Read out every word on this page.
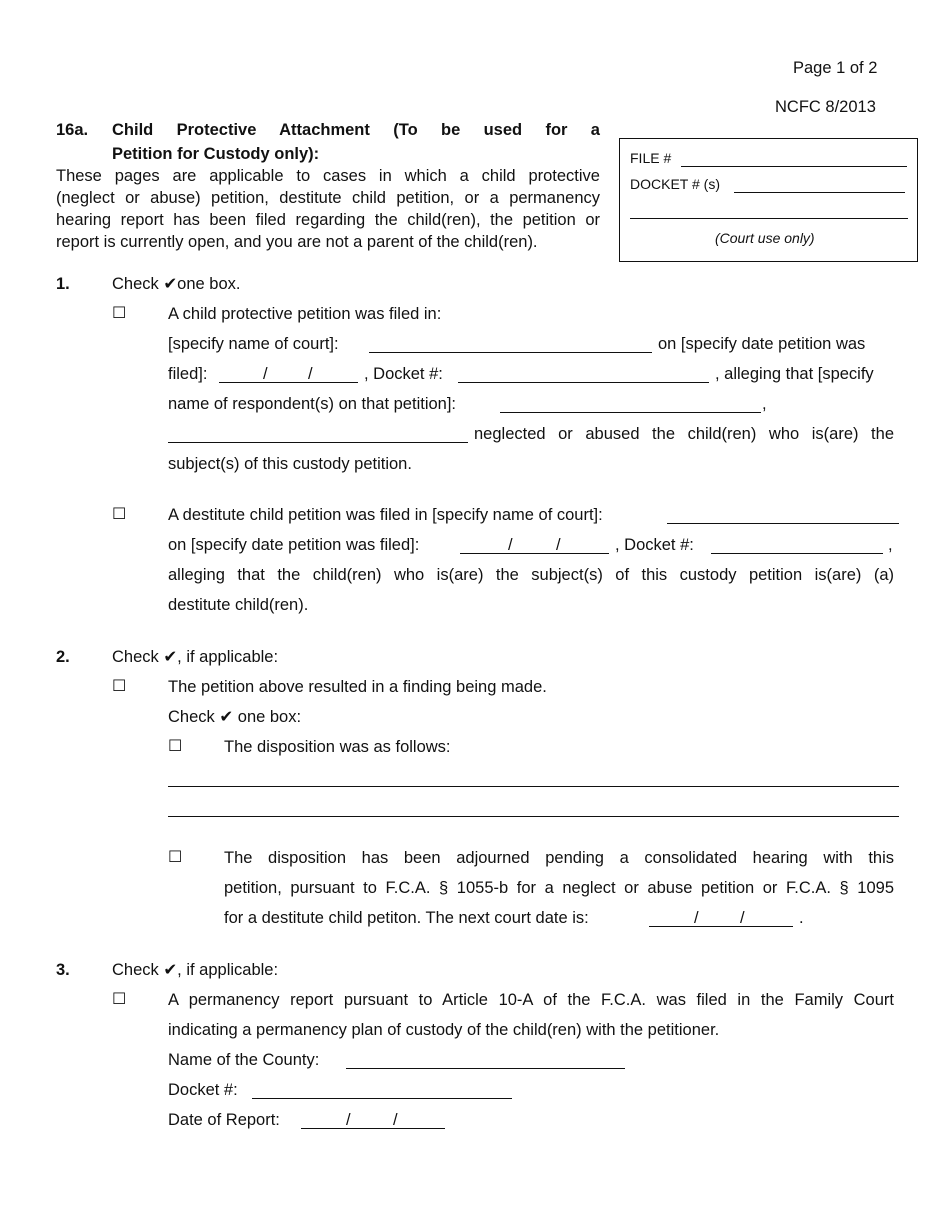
Page 1 of 2
NCFC 8/2013
16a. Child Protective Attachment (To be used for a
Petition for Custody only):
These pages are applicable to cases in which a child protective
(neglect or abuse) petition, destitute child petition, or a permanency
hearing report has been filed regarding the child(ren), the petition or
report is currently open, and you are not a parent of the child(ren).
FILE #
DOCKET # (s)
(Court use only)
1.	Check ✔one box.
☐	A child protective petition was filed in:
[specify name of court]:	on [specify date petition was
filed]:	/ /	, Docket #:	, alleging that [specify
name of respondent(s) on that petition]:	,
neglected or abused the child(ren) who is(are) the
subject(s) of this custody petition.
☐	A destitute child petition was filed in [specify name of court]:
on [specify date petition was filed]:	/	/	, Docket #:	,
alleging that the child(ren) who is(are) the subject(s) of this custody petition is(are) (a)
destitute child(ren).
2.	Check ✔, if applicable:
☐	The petition above resulted in a finding being made.
Check ✔ one box:
☐	The disposition was as follows:
☐	The disposition has been adjourned pending a consolidated hearing with this
petition, pursuant to F.C.A. § 1055-b for a neglect or abuse petition or F.C.A. § 1095
for a destitute child petiton. The next court date is:	/	/	.
3.	Check ✔, if applicable:
☐	A permanency report pursuant to Article 10-A of the F.C.A. was filed in the Family Court
indicating a permanency plan of custody of the child(ren) with the petitioner.
Name of the County:
Docket #:
Date of Report:	/	/
